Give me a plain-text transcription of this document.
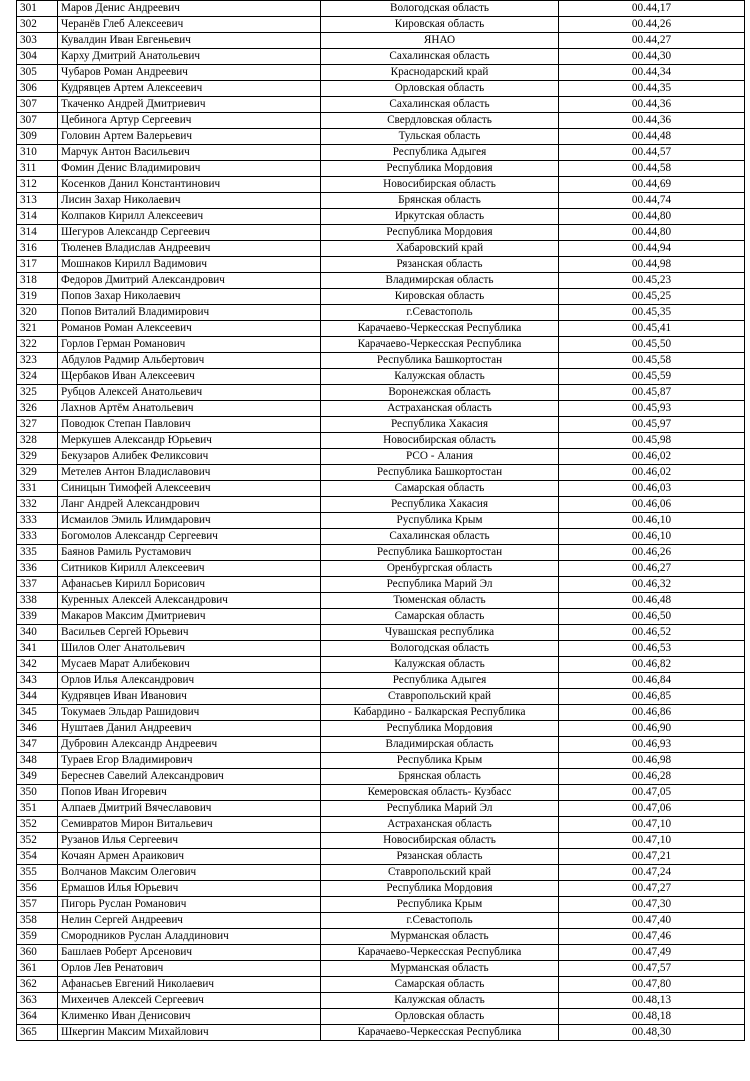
301	Маров Денис Андреевич	Вологодская область	00.44,17
302	Черанёв Глеб Алексеевич	Кировская область	00.44,26
303	Кувалдин Иван Евгеньевич	ЯНАО	00.44,27
304	Карху Дмитрий Анатольевич	Сахалинская область	00.44,30
305	Чубаров Роман Андреевич	Краснодарский край	00.44,34
306	Кудрявцев Артем Алексеевич	Орловская область	00.44,35
307	Ткаченко Андрей Дмитриевич	Сахалинская область	00.44,36
307	Цебинога Артур Сергеевич	Свердловская область	00.44,36
309	Головин Артем Валерьевич	Тульская область	00.44,48
310	Марчук Антон Васильевич	Республика Адыгея	00.44,57
311	Фомин Денис Владимирович	Республика Мордовия	00.44,58
312	Косенков Данил Константинович	Новосибирская область	00.44,69
313	Лисин Захар Николаевич	Брянская область	00.44,74
314	Колпаков Кирилл Алексеевич	Иркутская область	00.44,80
314	Шегуров Александр Сергеевич	Республика Мордовия	00.44,80
316	Тюленев Владислав Андреевич	Хабаровский край	00.44,94
317	Мошнаков Кирилл Вадимович	Рязанская область	00.44,98
318	Федоров Дмитрий Александрович	Владимирская область	00.45,23
319	Попов Захар Николаевич	Кировская область	00.45,25
320	Попов Виталий Владимирович	г.Севастополь	00.45,35
321	Романов Роман Алексеевич	Карачаево-Черкесская Республика	00.45,41
322	Горлов Герман Романович	Карачаево-Черкесская Республика	00.45,50
323	Абдулов Радмир Альбертович	Республика Башкортостан	00.45,58
324	Щербаков Иван Алексеевич	Калужская область	00.45,59
325	Рубцов Алексей Анатольевич	Воронежская область	00.45,87
326	Лахнов Артём Анатольевич	Астраханская область	00.45,93
327	Поводюк Степан Павлович	Республика Хакасия	00.45,97
328	Меркушев Александр Юрьевич	Новосибирская область	00.45,98
329	Бекузаров Алибек Феликсович	РСО - Алания	00.46,02
329	Метелев Антон Владиславович	Республика Башкортостан	00.46,02
331	Синицын Тимофей Алексеевич	Самарская область	00.46,03
332	Ланг Андрей Александрович	Республика Хакасия	00.46,06
333	Исмаилов Эмиль Илимдарович	Руспублика Крым	00.46,10
333	Богомолов Александр Сергеевич	Сахалинская область	00.46,10
335	Баянов Рамиль Рустамович	Республика Башкортостан	00.46,26
336	Ситников Кирилл Алексеевич	Оренбургская область	00.46,27
337	Афанасьев Кирилл Борисович	Республика Марий Эл	00.46,32
338	Куренных Алексей Александрович	Тюменская область	00.46,48
339	Макаров Максим Дмитриевич	Самарская область	00.46,50
340	Васильев Сергей Юрьевич	Чувашская республика	00.46,52
341	Шилов Олег Анатольевич	Вологодская область	00.46,53
342	Мусаев Марат Алибекович	Калужская область	00.46,82
343	Орлов Илья Александрович	Республика Адыгея	00.46,84
344	Кудрявцев Иван Иванович	Ставропольский край	00.46,85
345	Токумаев Эльдар Рашидович	Кабардино - Балкарская Республика	00.46,86
346	Нуштаев Данил Андреевич	Республика Мордовия	00.46,90
347	Дубровин Александр Андреевич	Владимирская область	00.46,93
348	Тураев Егор Владимирович	Республика Крым	00.46,98
349	Береснев Савелий Александрович	Брянская область	00.46,28
350	Попов Иван Игоревич	Кемеровская область- Кузбасс	00.47,05
351	Алпаев Дмитрий Вячеславович	Республика Марий Эл	00.47,06
352	Семивратов Мирон Витальевич	Астраханская область	00.47,10
352	Рузанов Илья Сергеевич	Новосибирская область	00.47,10
354	Кочаян Армен Араикович	Рязанская область	00.47,21
355	Волчанов Максим Олегович	Ставропольский край	00.47,24
356	Ермашов Илья Юрьевич	Республика Мордовия	00.47,27
357	Пигорь Руслан Романович	Республика Крым	00.47,30
358	Нелин Сергей Андреевич	г.Севастополь	00.47,40
359	Смородников Руслан Аладдинович	Мурманская область	00.47,46
360	Башлаев Роберт Арсенович	Карачаево-Черкесская Республика	00.47,49
361	Орлов Лев Ренатович	Мурманская область	00.47,57
362	Афанасьев Евгений Николаевич	Самарская область	00.47,80
363	Михеичев Алексей Сергеевич	Калужская область	00.48,13
364	Клименко Иван Денисович	Орловская область	00.48,18
365	Шкергин Максим Михайлович	Карачаево-Черкесская Республика	00.48,30
